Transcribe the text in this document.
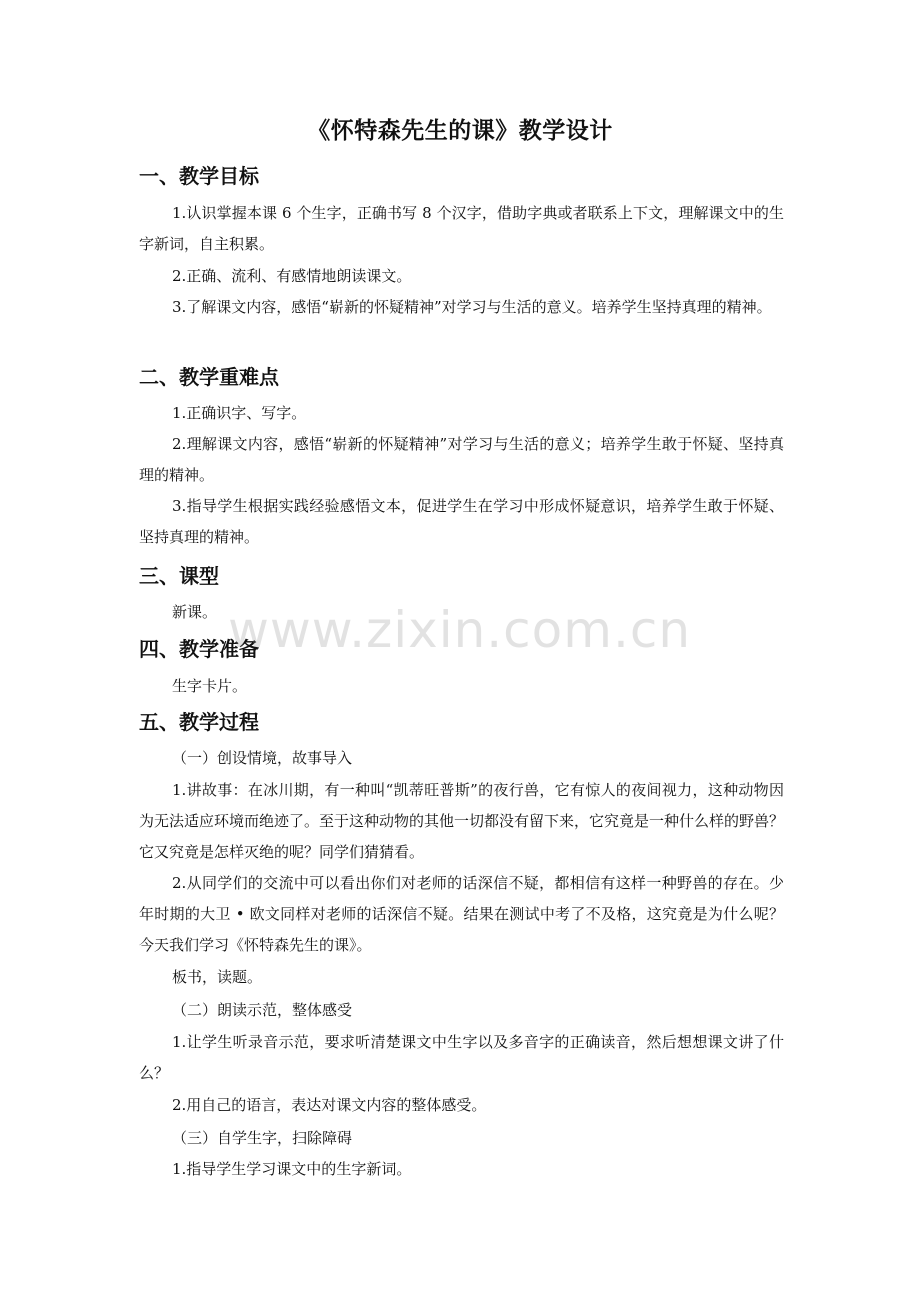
《怀特森先生的课》教学设计
一、教学目标
1.认识掌握本课 6 个生字，正确书写 8 个汉字，借助字典或者联系上下文，理解课文中的生字新词，自主积累。
2.正确、流利、有感情地朗读课文。
3.了解课文内容，感悟“崭新的怀疑精神”对学习与生活的意义。培养学生坚持真理的精神。
二、教学重难点
1.正确识字、写字。
2.理解课文内容，感悟“崭新的怀疑精神”对学习与生活的意义；培养学生敢于怀疑、坚持真理的精神。
3.指导学生根据实践经验感悟文本，促进学生在学习中形成怀疑意识，培养学生敢于怀疑、坚持真理的精神。
三、课型
新课。
四、教学准备
生字卡片。
五、教学过程
（一）创设情境，故事导入
1.讲故事：在冰川期，有一种叫“凯蒂旺普斯”的夜行兽，它有惊人的夜间视力，这种动物因为无法适应环境而绝迹了。至于这种动物的其他一切都没有留下来，它究竟是一种什么样的野兽？它又究竟是怎样灭绝的呢？同学们猜猜看。
2.从同学们的交流中可以看出你们对老师的话深信不疑，都相信有这样一种野兽的存在。少年时期的大卫 • 欧文同样对老师的话深信不疑。结果在测试中考了不及格，这究竟是为什么呢？今天我们学习《怀特森先生的课》。
板书，读题。
（二）朗读示范，整体感受
1.让学生听录音示范，要求听清楚课文中生字以及多音字的正确读音，然后想想课文讲了什么？
2.用自己的语言，表达对课文内容的整体感受。
（三）自学生字，扫除障碍
1.指导学生学习课文中的生字新词。
www.zixin.com.cn
